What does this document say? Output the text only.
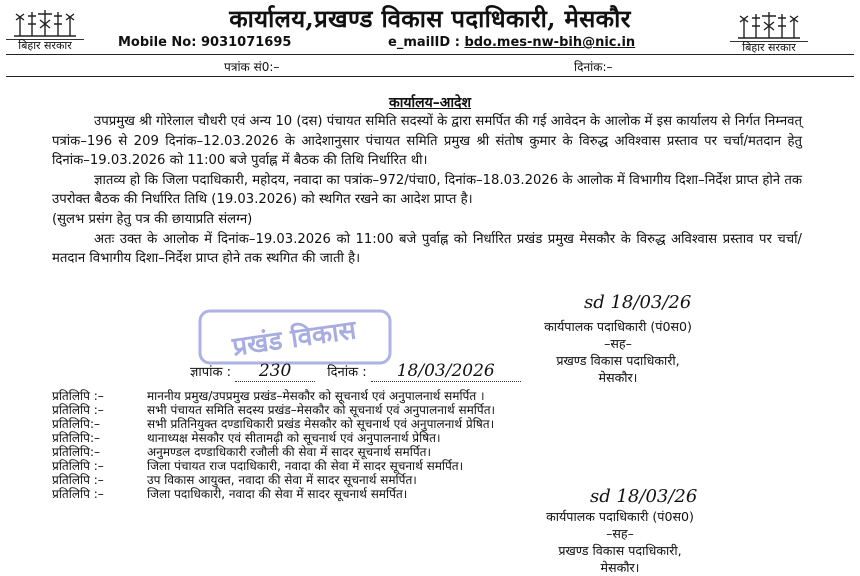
बिहार सरकार	बिहार सरकार
कार्यालय,प्रखण्ड विकास पदाधिकारी, मेसकौर
Mobile No: 9031071695	e_mailID : bdo.mes-nw-bih@nic.in
पत्रांक सं0:–	दिनांक:–
कार्यालय–आदेश

उपप्रमुख श्री गोरेलाल चौधरी एवं अन्य 10 (दस) पंचायत समिति सदस्यों के द्वारा समर्पित की गई आवेदन के आलोक में इस कार्यालय से निर्गत निम्नवत् पत्रांक–196 से 209 दिनांक–12.03.2026 के आदेशानुसार पंचायत समिति प्रमुख श्री संतोष कुमार के विरुद्ध अविश्वास प्रस्ताव पर चर्चा/मतदान हेतु दिनांक–19.03.2026 को 11:00 बजे पुर्वाह्न में बैठक की तिथि निर्धारित थी।

ज्ञातव्य हो कि जिला पदाधिकारी, महोदय, नवादा का पत्रांक–972/पंचा0, दिनांक–18.03.2026 के आलोक में विभागीय दिशा–निर्देश प्राप्त होने तक उपरोक्त बैठक की निर्धारित तिथि (19.03.2026) को स्थगित रखने का आदेश प्राप्त है।

(सुलभ प्रसंग हेतु पत्र की छायाप्रति संलग्न)

अतः उक्त के आलोक में दिनांक–19.03.2026 को 11:00 बजे पुर्वाह्न को निर्धारित प्रखंड प्रमुख मेसकौर के विरुद्ध अविश्वास प्रस्ताव पर चर्चा/मतदान विभागीय दिशा–निर्देश प्राप्त होने तक स्थगित की जाती है।

sd 18/03/26
कार्यपालक पदाधिकारी (पं0स0)
–सह–
प्रखण्ड विकास पदाधिकारी,
मेसकौर।
प्रखंड विकास
ज्ञापांक : 230	दिनांक : 18/03/2026
प्रतिलिपि :–	माननीय प्रमुख/उपप्रमुख प्रखंड–मेसकौर को सूचनार्थ एवं अनुपालनार्थ समर्पित ।
प्रतिलिपि :–	सभी पंचायत समिति सदस्य प्रखंड–मेसकौर को सूचनार्थ एवं अनुपालनार्थ समर्पित।
प्रतिलिपि:–	सभी प्रतिनियुक्त दण्डाधिकारी प्रखंड मेसकौर को सूचनार्थ एवं अनुपालनार्थ प्रेषित।
प्रतिलिपि:–	थानाध्यक्ष मेसकौर एवं सीतामढ़ी को सूचनार्थ एवं अनुपालनार्थ प्रेषित।
प्रतिलिपि:–	अनुमण्डल दण्डाधिकारी रजौली की सेवा में सादर सूचनार्थ समर्पित।
प्रतिलिपि :–	जिला पंचायत राज पदाधिकारी, नवादा की सेवा में सादर सूचनार्थ समर्पित।
प्रतिलिपि :–	उप विकास आयुक्त, नवादा की सेवा में सादर सूचनार्थ समर्पित।
प्रतिलिपि :–	जिला पदाधिकारी, नवादा की सेवा में सादर सूचनार्थ समर्पित।	sd 18/03/26
कार्यपालक पदाधिकारी (पं0स0)
–सह–
प्रखण्ड विकास पदाधिकारी,
मेसकौर।
